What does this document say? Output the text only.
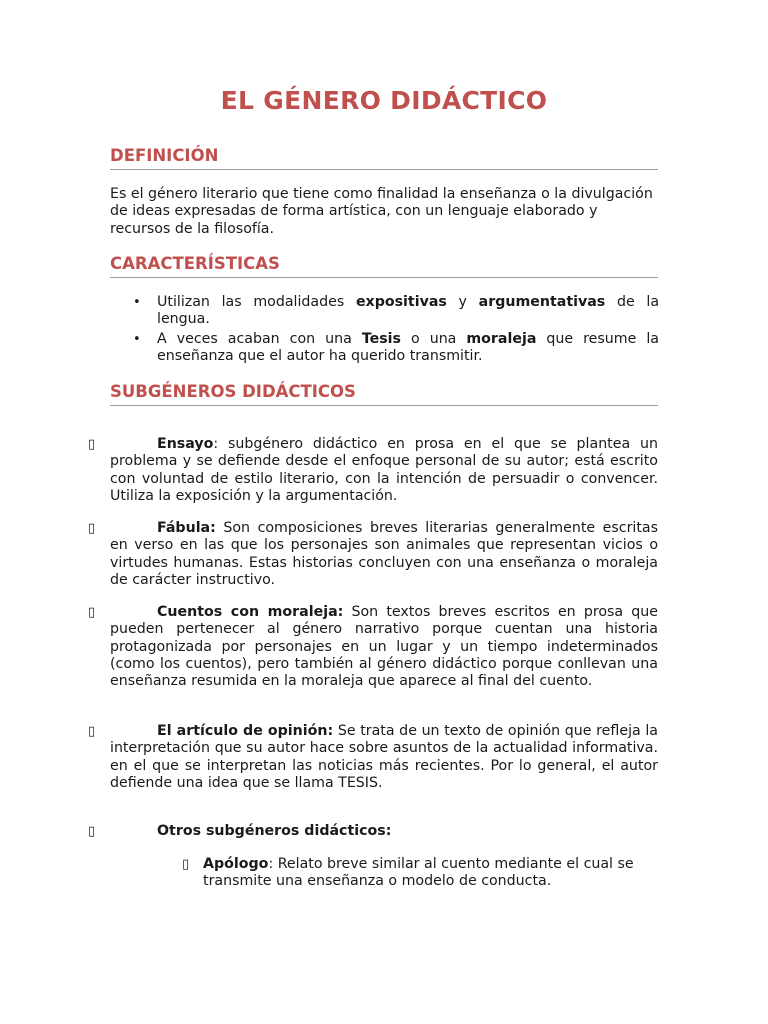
EL GÉNERO DIDÁCTICO
DEFINICIÓN
Es el género literario que tiene como finalidad la enseñanza o la divulgación de ideas expresadas de forma artística, con un lenguaje elaborado y recursos de la filosofía.
CARACTERÍSTICAS
• Utilizan las modalidades expositivas y argumentativas de la lengua.
• A veces acaban con una Tesis o una moraleja que resume la enseñanza que el autor ha querido transmitir.
SUBGÉNEROS DIDÁCTICOS
▯	Ensayo: subgénero didáctico en prosa en el que se plantea un problema y se defiende desde el enfoque personal de su autor; está escrito con voluntad de estilo literario, con la intención de persuadir o convencer. Utiliza la exposición y la argumentación.
▯	Fábula: Son composiciones breves literarias generalmente escritas en verso en las que los personajes son animales que representan vicios o virtudes humanas. Estas historias concluyen con una enseñanza o moraleja de carácter instructivo.
▯	Cuentos con moraleja: Son textos breves escritos en prosa que pueden pertenecer al género narrativo porque cuentan una historia protagonizada por personajes en un lugar y un tiempo indeterminados (como los cuentos), pero también al género didáctico porque conllevan una enseñanza resumida en la moraleja que aparece al final del cuento.
▯	El artículo de opinión: Se trata de un texto de opinión que refleja la interpretación que su autor hace sobre asuntos de la actualidad informativa. en el que se interpretan las noticias más recientes. Por lo general, el autor defiende una idea que se llama TESIS.
▯	Otros subgéneros didácticos:
▯ Apólogo: Relato breve similar al cuento mediante el cual se transmite una enseñanza o modelo de conducta.
